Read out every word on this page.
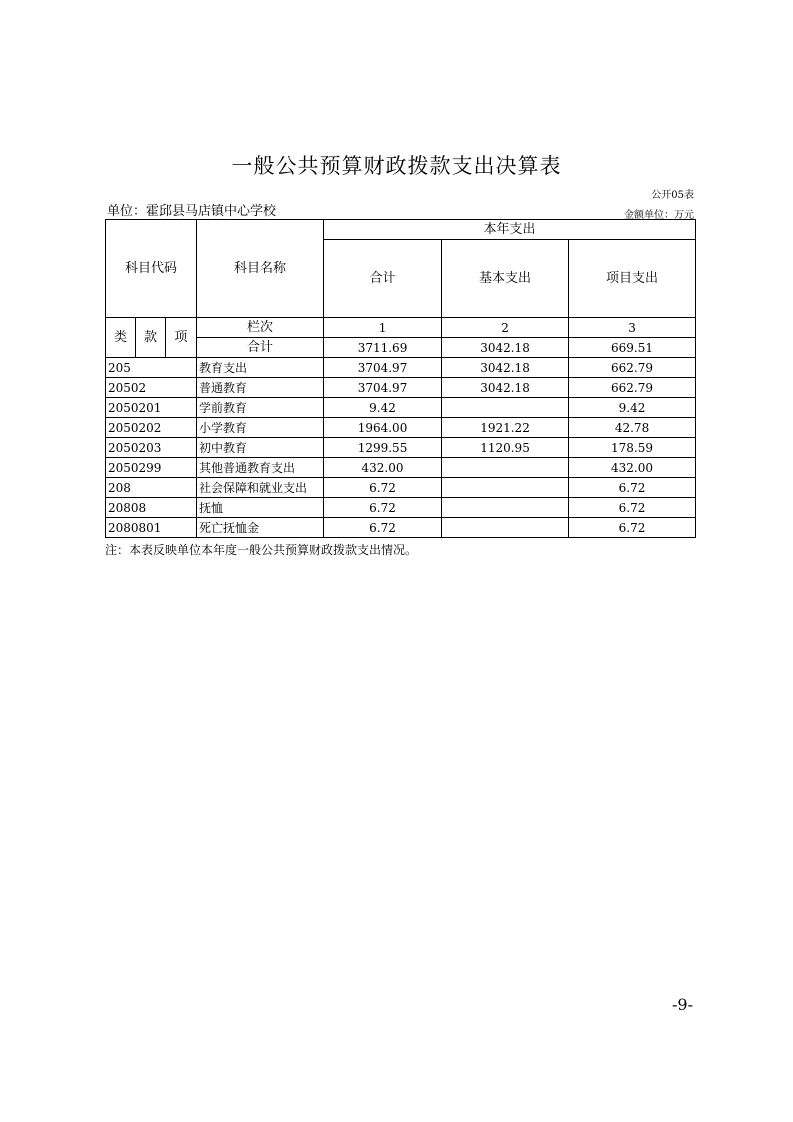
一般公共预算财政拨款支出决算表
公开05表
单位：霍邱县马店镇中心学校	金额单位：万元
科目代码			科目名称	本年支出		
				合计	基本支出	项目支出
类	款	项	栏次	1	2	3
			合计	3711.69	3042.18	669.51
205			教育支出	3704.97	3042.18	662.79
20502			普通教育	3704.97	3042.18	662.79
2050201			学前教育	9.42		9.42
2050202			小学教育	1964.00	1921.22	42.78
2050203			初中教育	1299.55	1120.95	178.59
2050299			其他普通教育支出	432.00		432.00
208			社会保障和就业支出	6.72		6.72
20808			抚恤	6.72		6.72
2080801			死亡抚恤金	6.72		6.72
注：本表反映单位本年度一般公共预算财政拨款支出情况。
-9-
